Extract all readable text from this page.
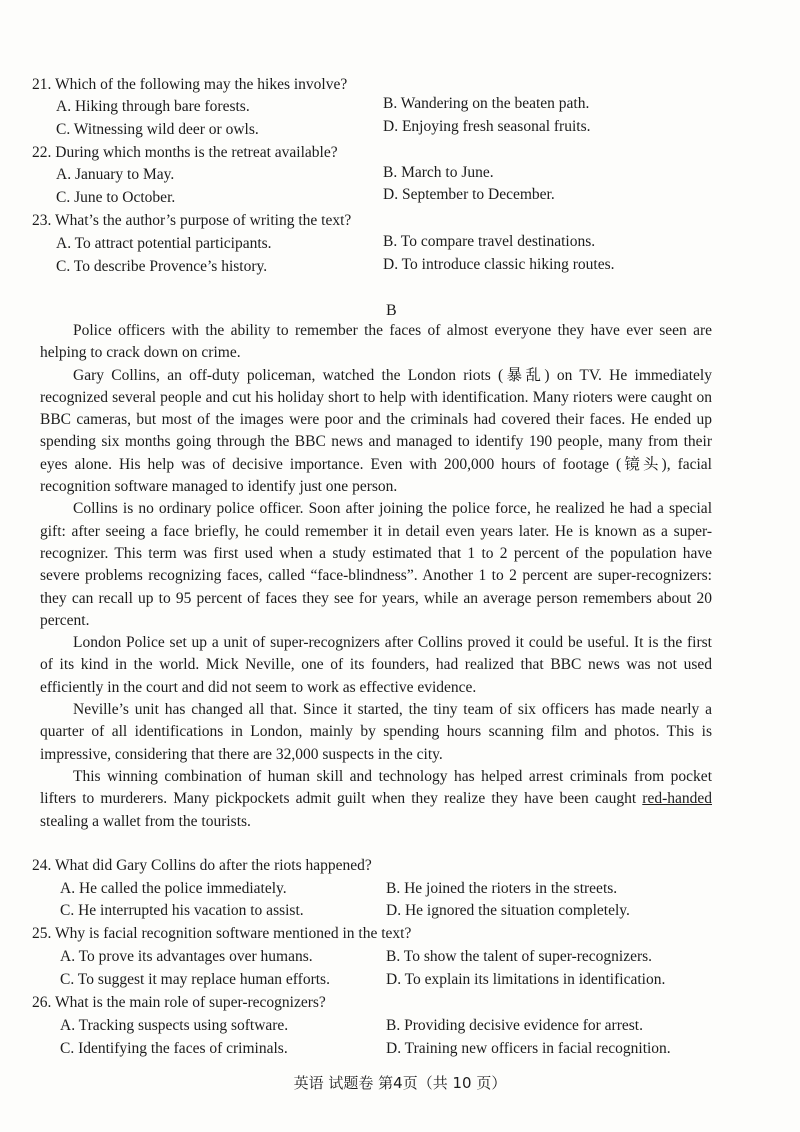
21. Which of the following may the hikes involve?
A. Hiking through bare forests.	B. Wandering on the beaten path.
C. Witnessing wild deer or owls.	D. Enjoying fresh seasonal fruits.
22. During which months is the retreat available?
A. January to May.	B. March to June.
C. June to October.	D. September to December.
23. What’s the author’s purpose of writing the text?
A. To attract potential participants.	B. To compare travel destinations.
C. To describe Provence’s history.	D. To introduce classic hiking routes.
B

Police officers with the ability to remember the faces of almost everyone they have ever seen are helping to crack down on crime.

Gary Collins, an off-duty policeman, watched the London riots (暴乱) on TV. He immediately recognized several people and cut his holiday short to help with identification. Many rioters were caught on BBC cameras, but most of the images were poor and the criminals had covered their faces. He ended up spending six months going through the BBC news and managed to identify 190 people, many from their eyes alone. His help was of decisive importance. Even with 200,000 hours of footage (镜头), facial recognition software managed to identify just one person.

Collins is no ordinary police officer. Soon after joining the police force, he realized he had a special gift: after seeing a face briefly, he could remember it in detail even years later. He is known as a super-recognizer. This term was first used when a study estimated that 1 to 2 percent of the population have severe problems recognizing faces, called “face-blindness”. Another 1 to 2 percent are super-recognizers: they can recall up to 95 percent of faces they see for years, while an average person remembers about 20 percent.

London Police set up a unit of super-recognizers after Collins proved it could be useful. It is the first of its kind in the world. Mick Neville, one of its founders, had realized that BBC news was not used efficiently in the court and did not seem to work as effective evidence.

Neville’s unit has changed all that. Since it started, the tiny team of six officers has made nearly a quarter of all identifications in London, mainly by spending hours scanning film and photos. This is impressive, considering that there are 32,000 suspects in the city.

This winning combination of human skill and technology has helped arrest criminals from pocket lifters to murderers. Many pickpockets admit guilt when they realize they have been caught red-handed stealing a wallet from the tourists.

24. What did Gary Collins do after the riots happened?
A. He called the police immediately.	B. He joined the rioters in the streets.
C. He interrupted his vacation to assist.	D. He ignored the situation completely.
25. Why is facial recognition software mentioned in the text?
A. To prove its advantages over humans.	B. To show the talent of super-recognizers.
C. To suggest it may replace human efforts.	D. To explain its limitations in identification.
26. What is the main role of super-recognizers?
A. Tracking suspects using software.	B. Providing decisive evidence for arrest.
C. Identifying the faces of criminals.	D. Training new officers in facial recognition.
英语 试题卷 第4页（共 10 页）
